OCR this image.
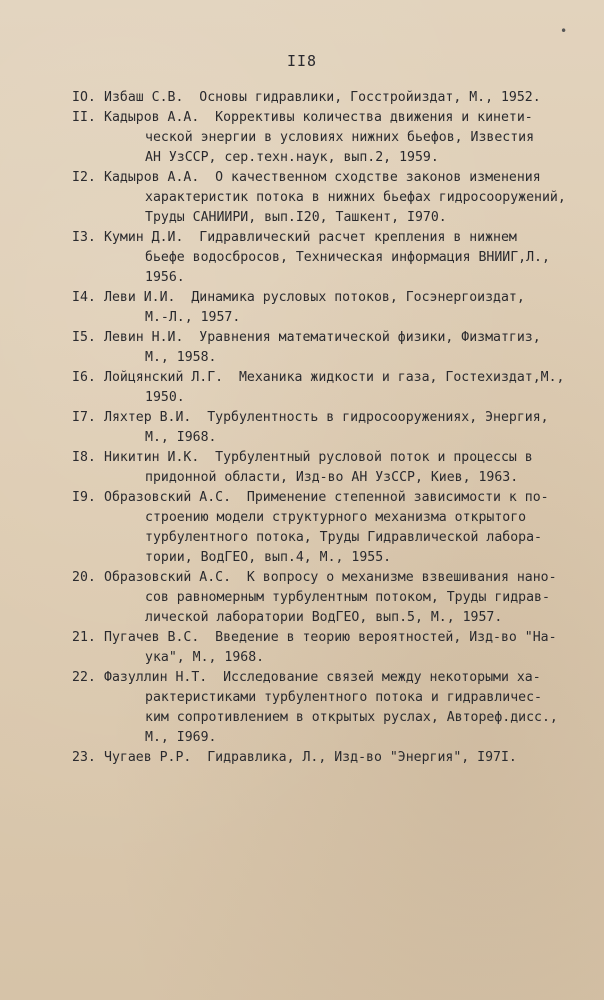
•
II8
IO. Избаш С.В.  Основы гидравлики, Госстройиздат, М., 1952.
II. Кадыров А.А.  Коррективы количества движения и кинети-
ческой энергии в условиях нижних бьефов, Известия
АН УзССР, сер.техн.наук, вып.2, 1959.
I2. Кадыров А.А.  О качественном сходстве законов изменения
характеристик потока в нижних бьефах гидросооружений,
Труды САНИИРИ, вып.I20, Ташкент, I970.
I3. Кумин Д.И.  Гидравлический расчет крепления в нижнем
бьефе водосбросов, Техническая информация ВНИИГ,Л.,
1956.
I4. Леви И.И.  Динамика русловых потоков, Госэнергоиздат,
М.-Л., 1957.
I5. Левин Н.И.  Уравнения математической физики, Физматгиз,
М., 1958.
I6. Лойцянский Л.Г.  Механика жидкости и газа, Гостехиздат,М.,
1950.
I7. Ляхтер В.И.  Турбулентность в гидросооружениях, Энергия,
М., I968.
I8. Никитин И.К.  Турбулентный русловой поток и процессы в
придонной области, Изд-во АН УзССР, Киев, 1963.
I9. Образовский А.С.  Применение степенной зависимости к по-
строению модели структурного механизма открытого
турбулентного потока, Труды Гидравлической лабора-
тории, ВодГЕО, вып.4, М., 1955.
20. Образовский А.С.  К вопросу о механизме взвешивания нано-
сов равномерным турбулентным потоком, Труды гидрав-
лической лаборатории ВодГЕО, вып.5, М., 1957.
21. Пугачев В.С.  Введение в теорию вероятностей, Изд-во "На-
ука", М., 1968.
22. Фазуллин Н.Т.  Исследование связей между некоторыми ха-
рактеристиками турбулентного потока и гидравличес-
ким сопротивлением в открытых руслах, Автореф.дисс.,
М., I969.
23. Чугаев Р.Р.  Гидравлика, Л., Изд-во "Энергия", I97I.
